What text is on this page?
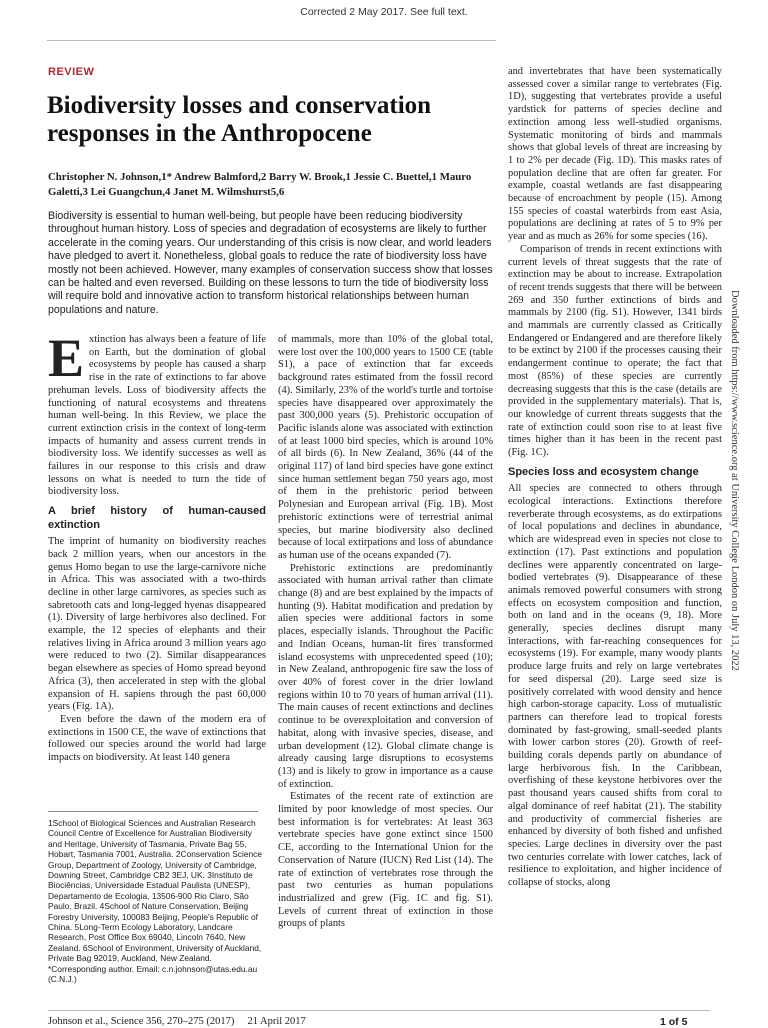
Corrected 2 May 2017. See full text.
REVIEW
Biodiversity losses and conservation responses in the Anthropocene
Christopher N. Johnson,1* Andrew Balmford,2 Barry W. Brook,1 Jessie C. Buettel,1 Mauro Galetti,3 Lei Guangchun,4 Janet M. Wilmshurst5,6

Biodiversity is essential to human well-being, but people have been reducing biodiversity throughout human history. Loss of species and degradation of ecosystems are likely to further accelerate in the coming years. Our understanding of this crisis is now clear, and world leaders have pledged to avert it. Nonetheless, global goals to reduce the rate of biodiversity loss have mostly not been achieved. However, many examples of conservation success show that losses can be halted and even reversed. Building on these lessons to turn the tide of biodiversity loss will require bold and innovative action to transform historical relationships between human populations and nature.

Extinction has always been a feature of life on Earth, but the domination of global ecosystems by people has caused a sharp rise in the rate of extinctions to far above prehuman levels. Loss of biodiversity affects the functioning of natural ecosystems and threatens human well-being. In this Review, we place the current extinction crisis in the context of long-term impacts of humanity and assess current trends in biodiversity loss. We identify successes as well as failures in our response to this crisis and draw lessons on what is needed to turn the tide of biodiversity loss.

A brief history of human-caused extinction

The imprint of humanity on biodiversity reaches back 2 million years, when our ancestors in the genus Homo began to use the large-carnivore niche in Africa. This was associated with a two-thirds decline in other large carnivores, as species such as sabretooth cats and long-legged hyenas disappeared (1). Diversity of large herbivores also declined. For example, the 12 species of elephants and their relatives living in Africa around 3 million years ago were reduced to two (2). Similar disappearances began elsewhere as species of Homo spread beyond Africa (3), then accelerated in step with the global expansion of H. sapiens through the past 60,000 years (Fig. 1A).

Even before the dawn of the modern era of extinctions in 1500 CE, the wave of extinctions that followed our species around the world had large impacts on biodiversity. At least 140 genera

1School of Biological Sciences and Australian Research Council Centre of Excellence for Australian Biodiversity and Heritage, University of Tasmania, Private Bag 55, Hobart, Tasmania 7001, Australia. 2Conservation Science Group, Department of Zoology, University of Cambridge, Downing Street, Cambridge CB2 3EJ, UK. 3Instituto de Biociências, Universidade Estadual Paulista (UNESP), Departamento de Ecologia, 13506-900 Rio Claro, São Paulo, Brazil. 4School of Nature Conservation, Beijing Forestry University, 100083 Beijing, People's Republic of China. 5Long-Term Ecology Laboratory, Landcare Research, Post Office Box 69040, Lincoln 7640, New Zealand. 6School of Environment, University of Auckland, Private Bag 92019, Auckland, New Zealand. *Corresponding author. Email: c.n.johnson@utas.edu.au (C.N.J.)

of mammals, more than 10% of the global total, were lost over the 100,000 years to 1500 CE (table S1), a pace of extinction that far exceeds background rates estimated from the fossil record (4). Similarly, 23% of the world's turtle and tortoise species have disappeared over approximately the past 300,000 years (5). Prehistoric occupation of Pacific islands alone was associated with extinction of at least 1000 bird species, which is around 10% of all birds (6). In New Zealand, 36% (44 of the original 117) of land bird species have gone extinct since human settlement began 750 years ago, most of them in the prehistoric period between Polynesian and European arrival (Fig. 1B). Most prehistoric extinctions were of terrestrial animal species, but marine biodiversity also declined because of local extirpations and loss of abundance as human use of the oceans expanded (7).

Prehistoric extinctions are predominantly associated with human arrival rather than climate change (8) and are best explained by the impacts of hunting (9). Habitat modification and predation by alien species were additional factors in some places, especially islands. Throughout the Pacific and Indian Oceans, human-lit fires transformed island ecosystems with unprecedented speed (10); in New Zealand, anthropogenic fire saw the loss of over 40% of forest cover in the drier lowland regions within 10 to 70 years of human arrival (11). The main causes of recent extinctions and declines continue to be overexploitation and conversion of habitat, along with invasive species, disease, and urban development (12). Global climate change is already causing large disruptions to ecosystems (13) and is likely to grow in importance as a cause of extinction.

Estimates of the recent rate of extinction are limited by poor knowledge of most species. Our best information is for vertebrates: At least 363 vertebrate species have gone extinct since 1500 CE, according to the International Union for the Conservation of Nature (IUCN) Red List (14). The rate of extinction of vertebrates rose through the past two centuries as human populations industrialized and grew (Fig. 1C and fig. S1). Levels of current threat of extinction in those groups of plants

and invertebrates that have been systematically assessed cover a similar range to vertebrates (Fig. 1D), suggesting that vertebrates provide a useful yardstick for patterns of species decline and extinction among less well-studied organisms. Systematic monitoring of birds and mammals shows that global levels of threat are increasing by 1 to 2% per decade (Fig. 1D). This masks rates of population decline that are often far greater. For example, coastal wetlands are fast disappearing because of encroachment by people (15). Among 155 species of coastal waterbirds from east Asia, populations are declining at rates of 5 to 9% per year and as much as 26% for some species (16).

Comparison of trends in recent extinctions with current levels of threat suggests that the rate of extinction may be about to increase. Extrapolation of recent trends suggests that there will be between 269 and 350 further extinctions of birds and mammals by 2100 (fig. S1). However, 1341 birds and mammals are currently classed as Critically Endangered or Endangered and are therefore likely to be extinct by 2100 if the processes causing their endangerment continue to operate; the fact that most (85%) of these species are currently decreasing suggests that this is the case (details are provided in the supplementary materials). That is, our knowledge of current threats suggests that the rate of extinction could soon rise to at least five times higher than it has been in the recent past (Fig. 1C).

Species loss and ecosystem change

All species are connected to others through ecological interactions. Extinctions therefore reverberate through ecosystems, as do extirpations of local populations and declines in abundance, which are widespread even in species not close to extinction (17). Past extinctions and population declines were apparently concentrated on large-bodied vertebrates (9). Disappearance of these animals removed powerful consumers with strong effects on ecosystem composition and function, both on land and in the oceans (9, 18). More generally, species declines disrupt many interactions, with far-reaching consequences for ecosystems (19). For example, many woody plants produce large fruits and rely on large vertebrates for seed dispersal (20). Large seed size is positively correlated with wood density and hence high carbon-storage capacity. Loss of mutualistic partners can therefore lead to tropical forests dominated by fast-growing, small-seeded plants with lower carbon stores (20). Growth of reef-building corals depends partly on abundance of large herbivorous fish. In the Caribbean, overfishing of these keystone herbivores over the past thousand years caused shifts from coral to algal dominance of reef habitat (21). The stability and productivity of commercial fisheries are enhanced by diversity of both fished and unfished species. Large declines in diversity over the past two centuries correlate with lower catches, lack of resilience to exploitation, and higher incidence of collapse of stocks, along

Downloaded from https://www.science.org at University College London on July 13, 2022
Johnson et al., Science 356, 270–275 (2017)     21 April 2017	1 of 5
